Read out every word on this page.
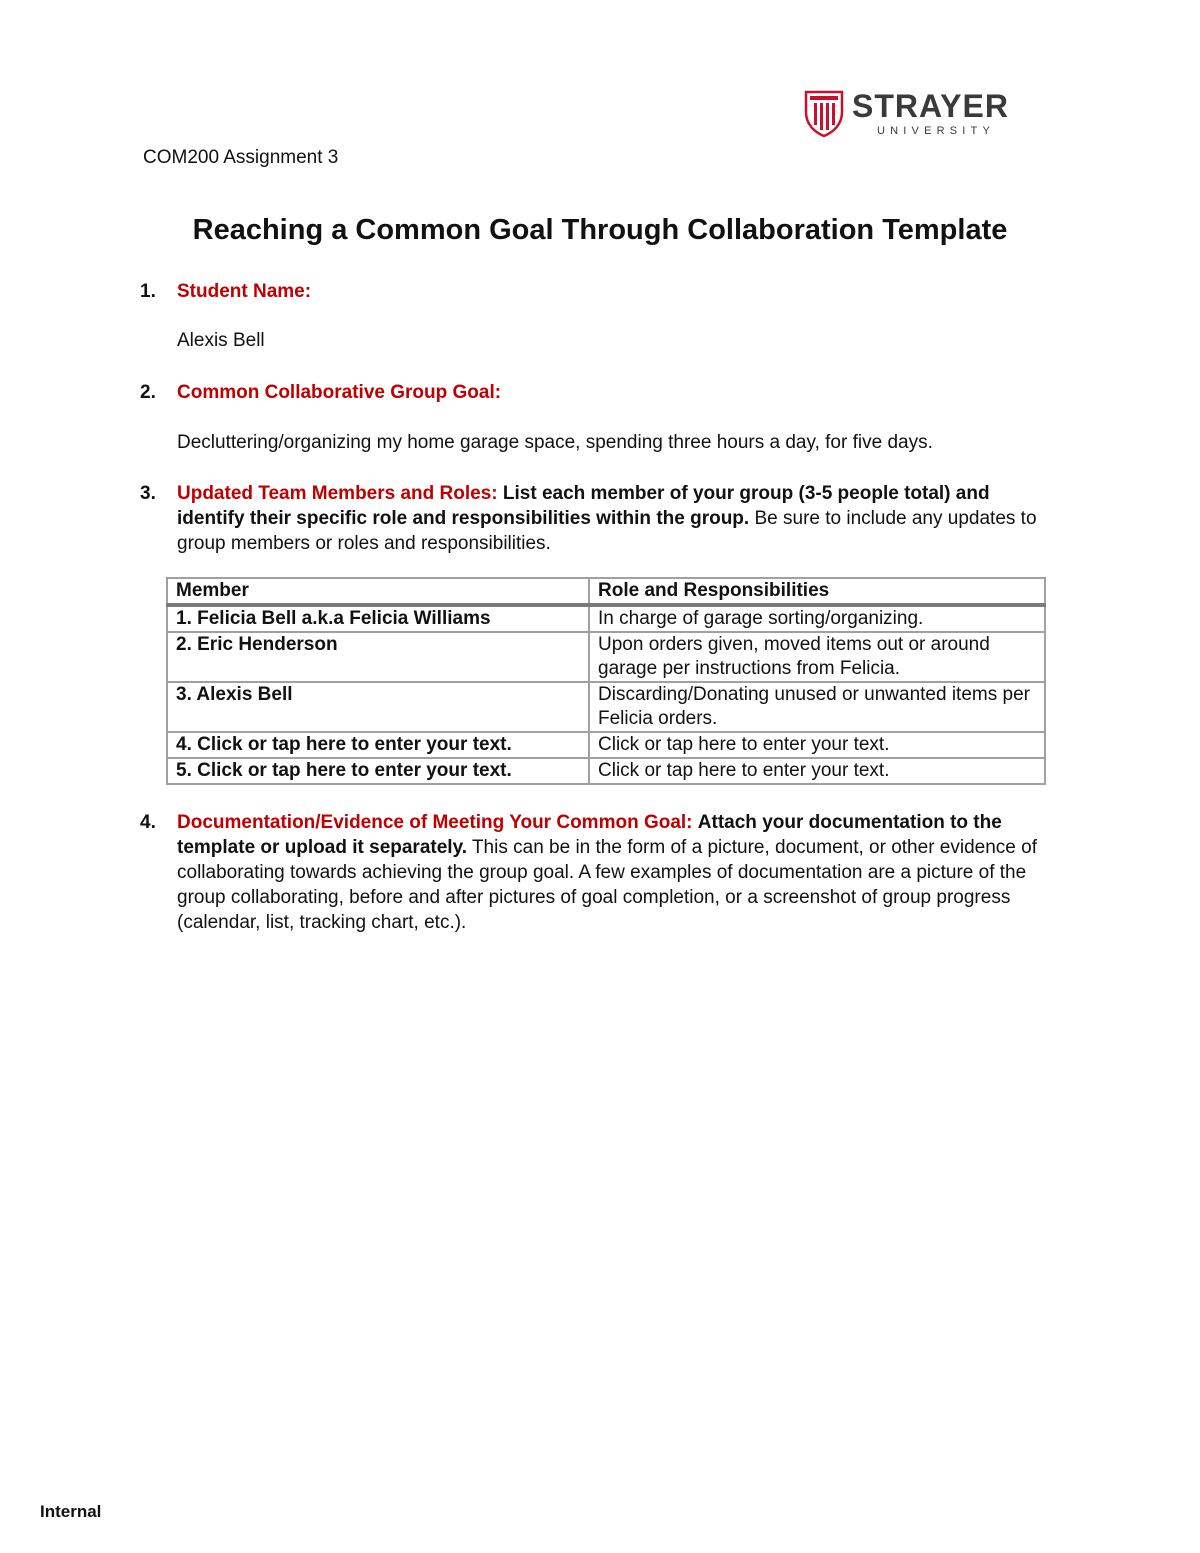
STRAYER
UNIVERSITY
COM200 Assignment 3
Reaching a Common Goal Through Collaboration Template
1. Student Name:
Alexis Bell
2. Common Collaborative Group Goal:
Decluttering/organizing my home garage space, spending three hours a day, for five days.
3. Updated Team Members and Roles: List each member of your group (3-5 people total) and identify their specific role and responsibilities within the group. Be sure to include any updates to group members or roles and responsibilities.
Member	Role and Responsibilities
1. Felicia Bell a.k.a Felicia Williams	In charge of garage sorting/organizing.
2. Eric Henderson	Upon orders given, moved items out or around garage per instructions from Felicia.
3. Alexis Bell	Discarding/Donating unused or unwanted items per Felicia orders.
4. Click or tap here to enter your text.	Click or tap here to enter your text.
5. Click or tap here to enter your text.	Click or tap here to enter your text.
4. Documentation/Evidence of Meeting Your Common Goal: Attach your documentation to the template or upload it separately. This can be in the form of a picture, document, or other evidence of collaborating towards achieving the group goal. A few examples of documentation are a picture of the group collaborating, before and after pictures of goal completion, or a screenshot of group progress (calendar, list, tracking chart, etc.).
Internal
